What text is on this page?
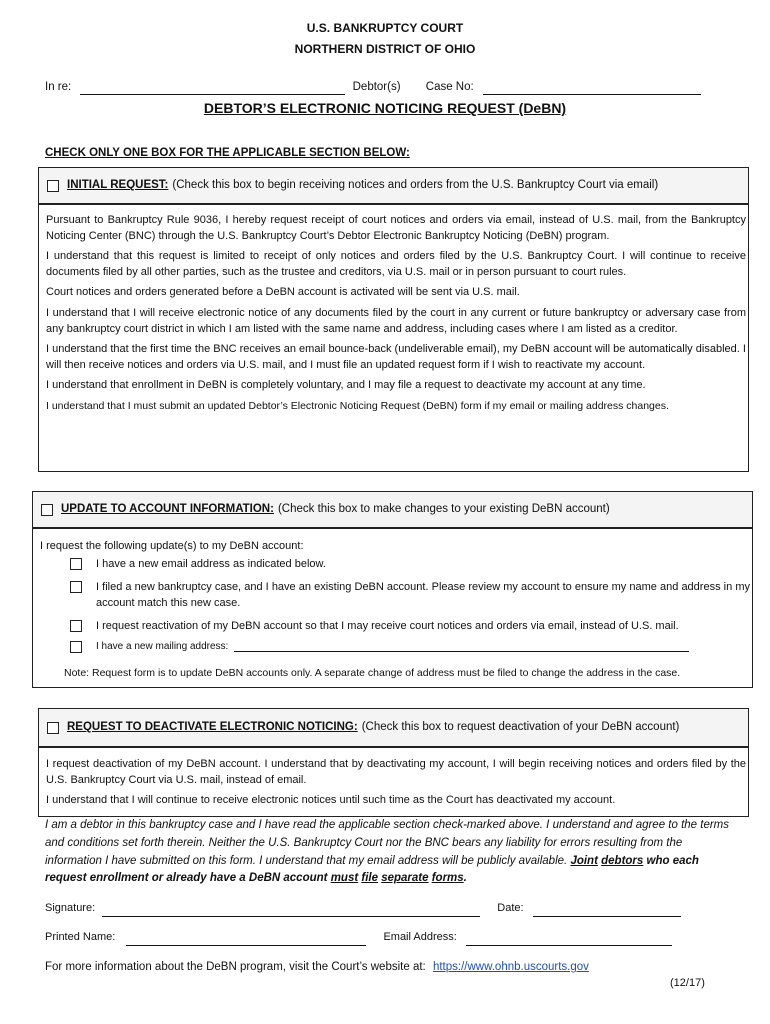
U.S. BANKRUPTCY COURT
NORTHERN DISTRICT OF OHIO
In re:	Debtor(s) Case No:
DEBTOR’S ELECTRONIC NOTICING REQUEST (DeBN)
CHECK ONLY ONE BOX FOR THE APPLICABLE SECTION BELOW:
INITIAL REQUEST: (Check this box to begin receiving notices and orders from the U.S. Bankruptcy Court via email)

Pursuant to Bankruptcy Rule 9036, I hereby request receipt of court notices and orders via email, instead of U.S. mail, from the Bankruptcy Noticing Center (BNC) through the U.S. Bankruptcy Court’s Debtor Electronic Bankruptcy Noticing (DeBN) program.

I understand that this request is limited to receipt of only notices and orders filed by the U.S. Bankruptcy Court. I will continue to receive documents filed by all other parties, such as the trustee and creditors, via U.S. mail or in person pursuant to court rules.

Court notices and orders generated before a DeBN account is activated will be sent via U.S. mail.

I understand that I will receive electronic notice of any documents filed by the court in any current or future bankruptcy or adversary case from any bankruptcy court district in which I am listed with the same name and address, including cases where I am listed as a creditor.

I understand that the first time the BNC receives an email bounce-back (undeliverable email), my DeBN account will be automatically disabled. I will then receive notices and orders via U.S. mail, and I must file an updated request form if I wish to reactivate my account.

I understand that enrollment in DeBN is completely voluntary, and I may file a request to deactivate my account at any time.

I understand that I must submit an updated Debtor’s Electronic Noticing Request (DeBN) form if my email or mailing address changes.

UPDATE TO ACCOUNT INFORMATION: (Check this box to make changes to your existing DeBN account)
I request the following update(s) to my DeBN account:
I have a new email address as indicated below.
I filed a new bankruptcy case, and I have an existing DeBN account. Please review my account to ensure my name and address in my account match this new case.
I request reactivation of my DeBN account so that I may receive court notices and orders via email, instead of U.S. mail.
I have a new mailing address:
Note: Request form is to update DeBN accounts only. A separate change of address must be filed to change the address in the case.
REQUEST TO DEACTIVATE ELECTRONIC NOTICING: (Check this box to request deactivation of your DeBN account)

I request deactivation of my DeBN account. I understand that by deactivating my account, I will begin receiving notices and orders filed by the U.S. Bankruptcy Court via U.S. mail, instead of email.

I understand that I will continue to receive electronic notices until such time as the Court has deactivated my account.

I am a debtor in this bankruptcy case and I have read the applicable section check-marked above. I understand and agree to the terms and conditions set forth therein. Neither the U.S. Bankruptcy Court nor the BNC bears any liability for errors resulting from the information I have submitted on this form. I understand that my email address will be publicly available. Joint debtors who each request enrollment or already have a DeBN account must file separate forms.
Signature:	Date:
Printed Name:	Email Address:
For more information about the DeBN program, visit the Court’s website at: https://www.ohnb.uscourts.gov
(12/17)
